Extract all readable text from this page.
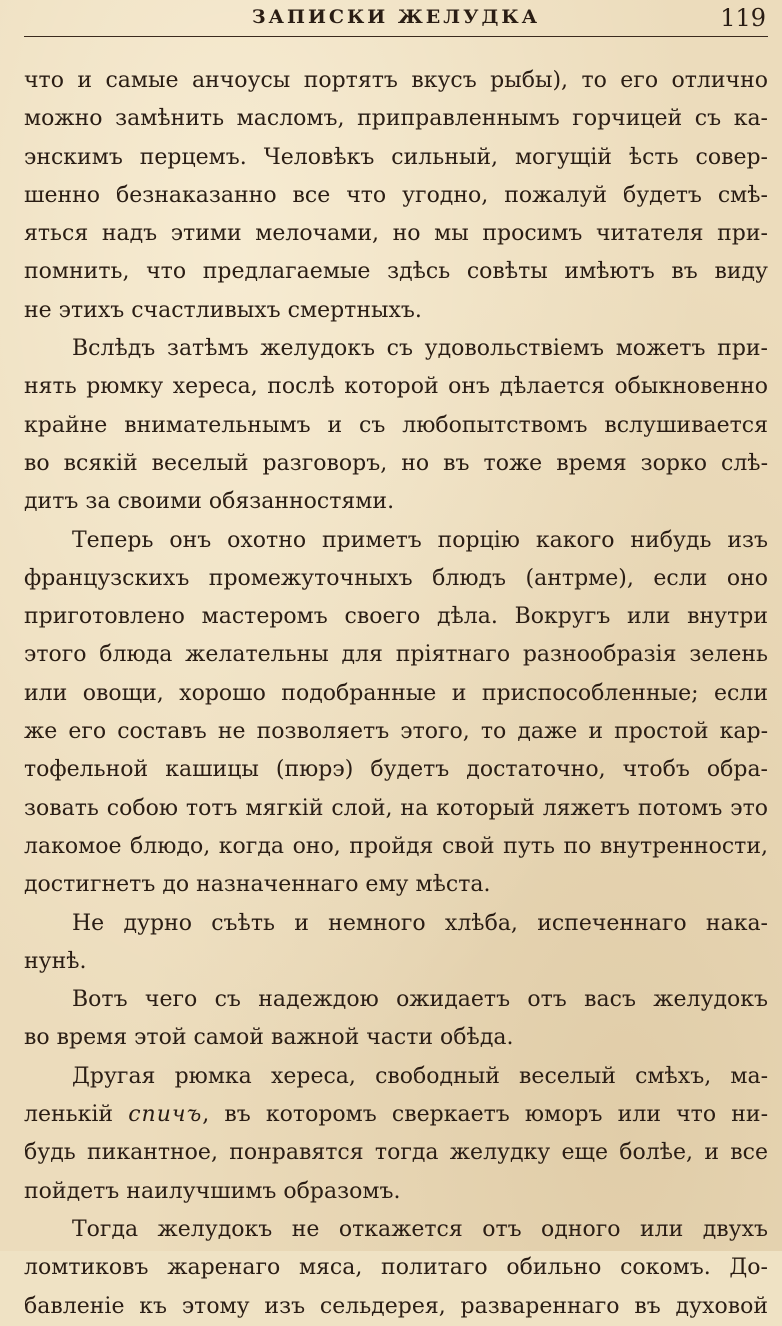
ЗАПИСКИ ЖЕЛУДКА	119
что и самые анчоусы портятъ вкусъ рыбы), то его отлично
можно замѣнить масломъ, приправленнымъ горчицей съ ка-
энскимъ перцемъ. Человѣкъ сильный, могущій ѣсть совер-
шенно безнаказанно все что угодно, пожалуй будетъ смѣ-
яться надъ этими мелочами, но мы просимъ читателя при-
помнить, что предлагаемые здѣсь совѣты имѣютъ въ виду
не этихъ счастливыхъ смертныхъ.
Вслѣдъ затѣмъ желудокъ съ удовольствіемъ можетъ при-
нять рюмку хереса, послѣ которой онъ дѣлается обыкновенно
крайне внимательнымъ и съ любопытствомъ вслушивается
во всякій веселый разговоръ, но въ тоже время зорко слѣ-
дитъ за своими обязанностями.
Теперь онъ охотно приметъ порцію какого нибудь изъ
французскихъ промежуточныхъ блюдъ (антрме), если оно
приготовлено мастеромъ своего дѣла. Вокругъ или внутри
этого блюда желательны для пріятнаго разнообразія зелень
или овощи, хорошо подобранные и приспособленные; если
же его составъ не позволяетъ этого, то даже и простой кар-
тофельной кашицы (пюрэ) будетъ достаточно, чтобъ обра-
зовать собою тотъ мягкій слой, на который ляжетъ потомъ это
лакомое блюдо, когда оно, пройдя свой путь по внутренности,
достигнетъ до назначеннаго ему мѣста.
Не дурно съѣть и немного хлѣба, испеченнаго нака-
нунѣ.
Вотъ чего съ надеждою ожидаетъ отъ васъ желудокъ
во время этой самой важной части обѣда.
Другая рюмка хереса, свободный веселый смѣхъ, ма-
ленькій спичъ, въ которомъ сверкаетъ юморъ или что ни-
будь пикантное, понравятся тогда желудку еще болѣе, и все
пойдетъ наилучшимъ образомъ.
Тогда желудокъ не откажется отъ одного или двухъ
ломтиковъ жаренаго мяса, политаго обильно сокомъ. До-
бавленіе къ этому изъ сельдерея, развареннаго въ духовой
